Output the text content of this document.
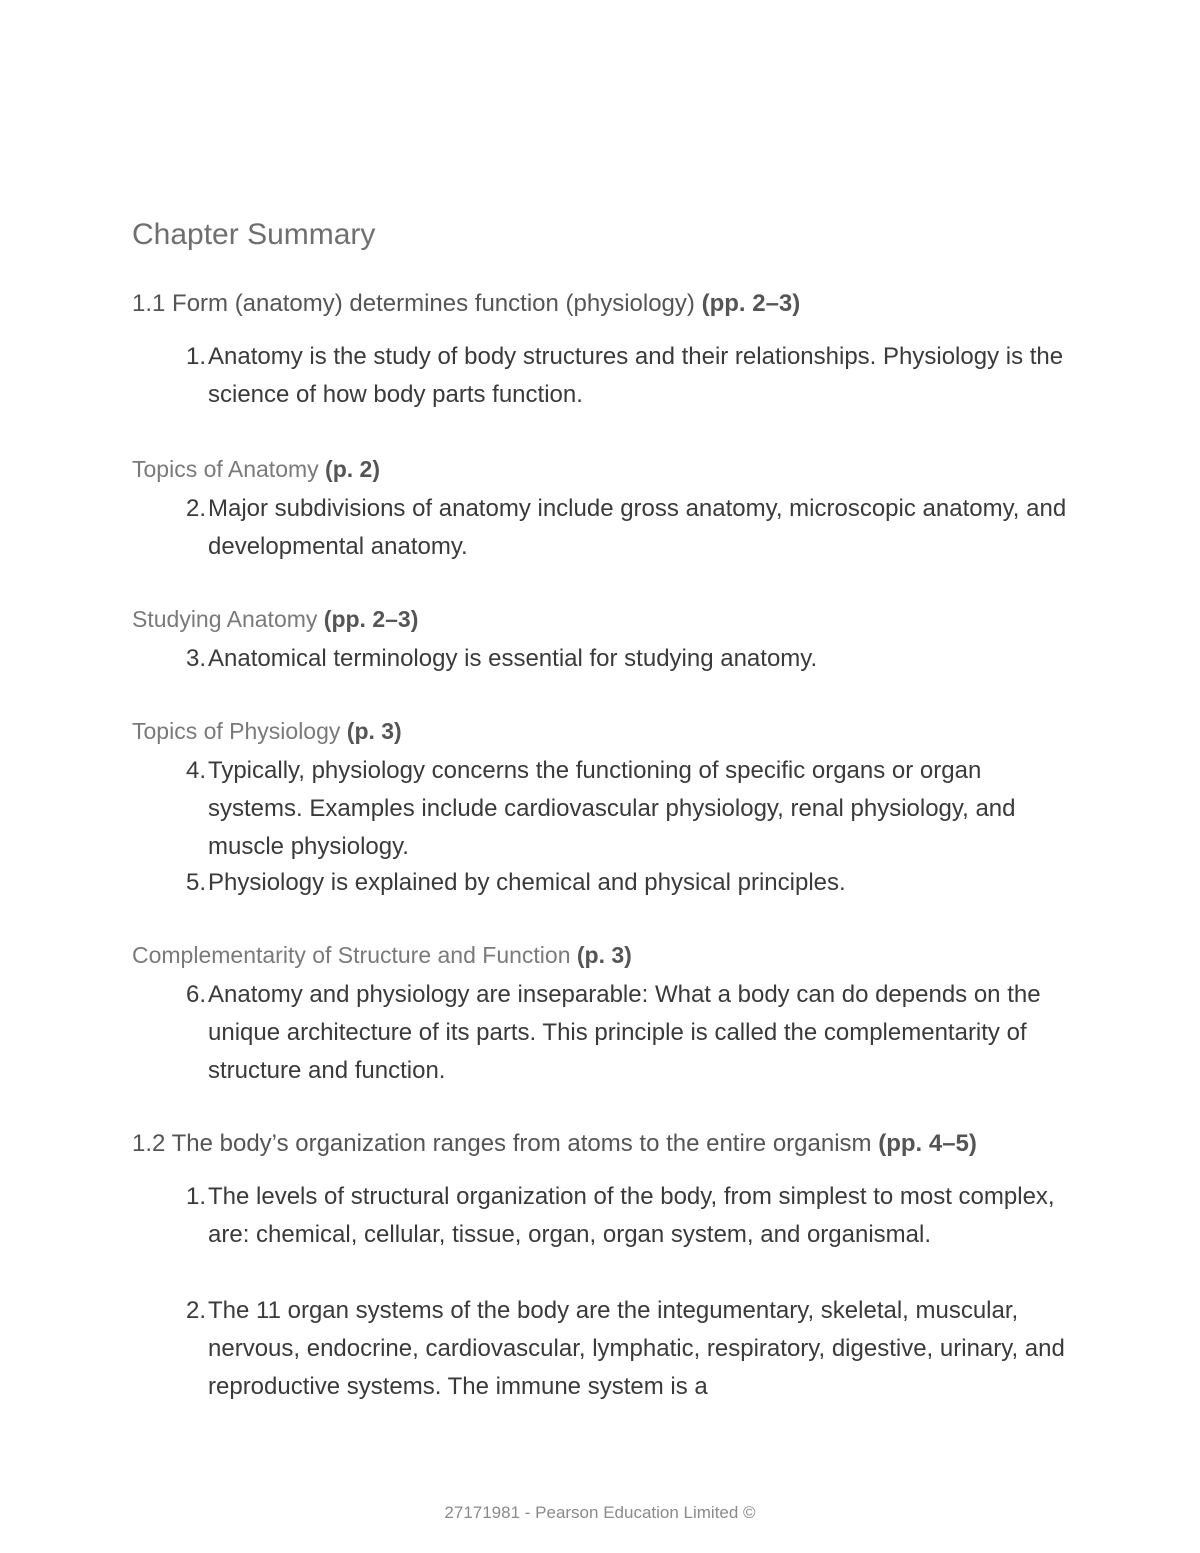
Chapter Summary
1.1 Form (anatomy) determines function (physiology) (pp. 2–3)
1. Anatomy is the study of body structures and their relationships. Physiology is the science of how body parts function.
Topics of Anatomy (p. 2)
2. Major subdivisions of anatomy include gross anatomy, microscopic anatomy, and developmental anatomy.
Studying Anatomy (pp. 2–3)
3. Anatomical terminology is essential for studying anatomy.
Topics of Physiology (p. 3)
4. Typically, physiology concerns the functioning of specific organs or organ systems. Examples include cardiovascular physiology, renal physiology, and muscle physiology.
5. Physiology is explained by chemical and physical principles.
Complementarity of Structure and Function (p. 3)
6. Anatomy and physiology are inseparable: What a body can do depends on the unique architecture of its parts. This principle is called the complementarity of structure and function.
1.2 The body’s organization ranges from atoms to the entire organism (pp. 4–5)
1. The levels of structural organization of the body, from simplest to most complex, are: chemical, cellular, tissue, organ, organ system, and organismal.
2. The 11 organ systems of the body are the integumentary, skeletal, muscular, nervous, endocrine, cardiovascular, lymphatic, respiratory, digestive, urinary, and reproductive systems. The immune system is a
27171981 - Pearson Education Limited ©
